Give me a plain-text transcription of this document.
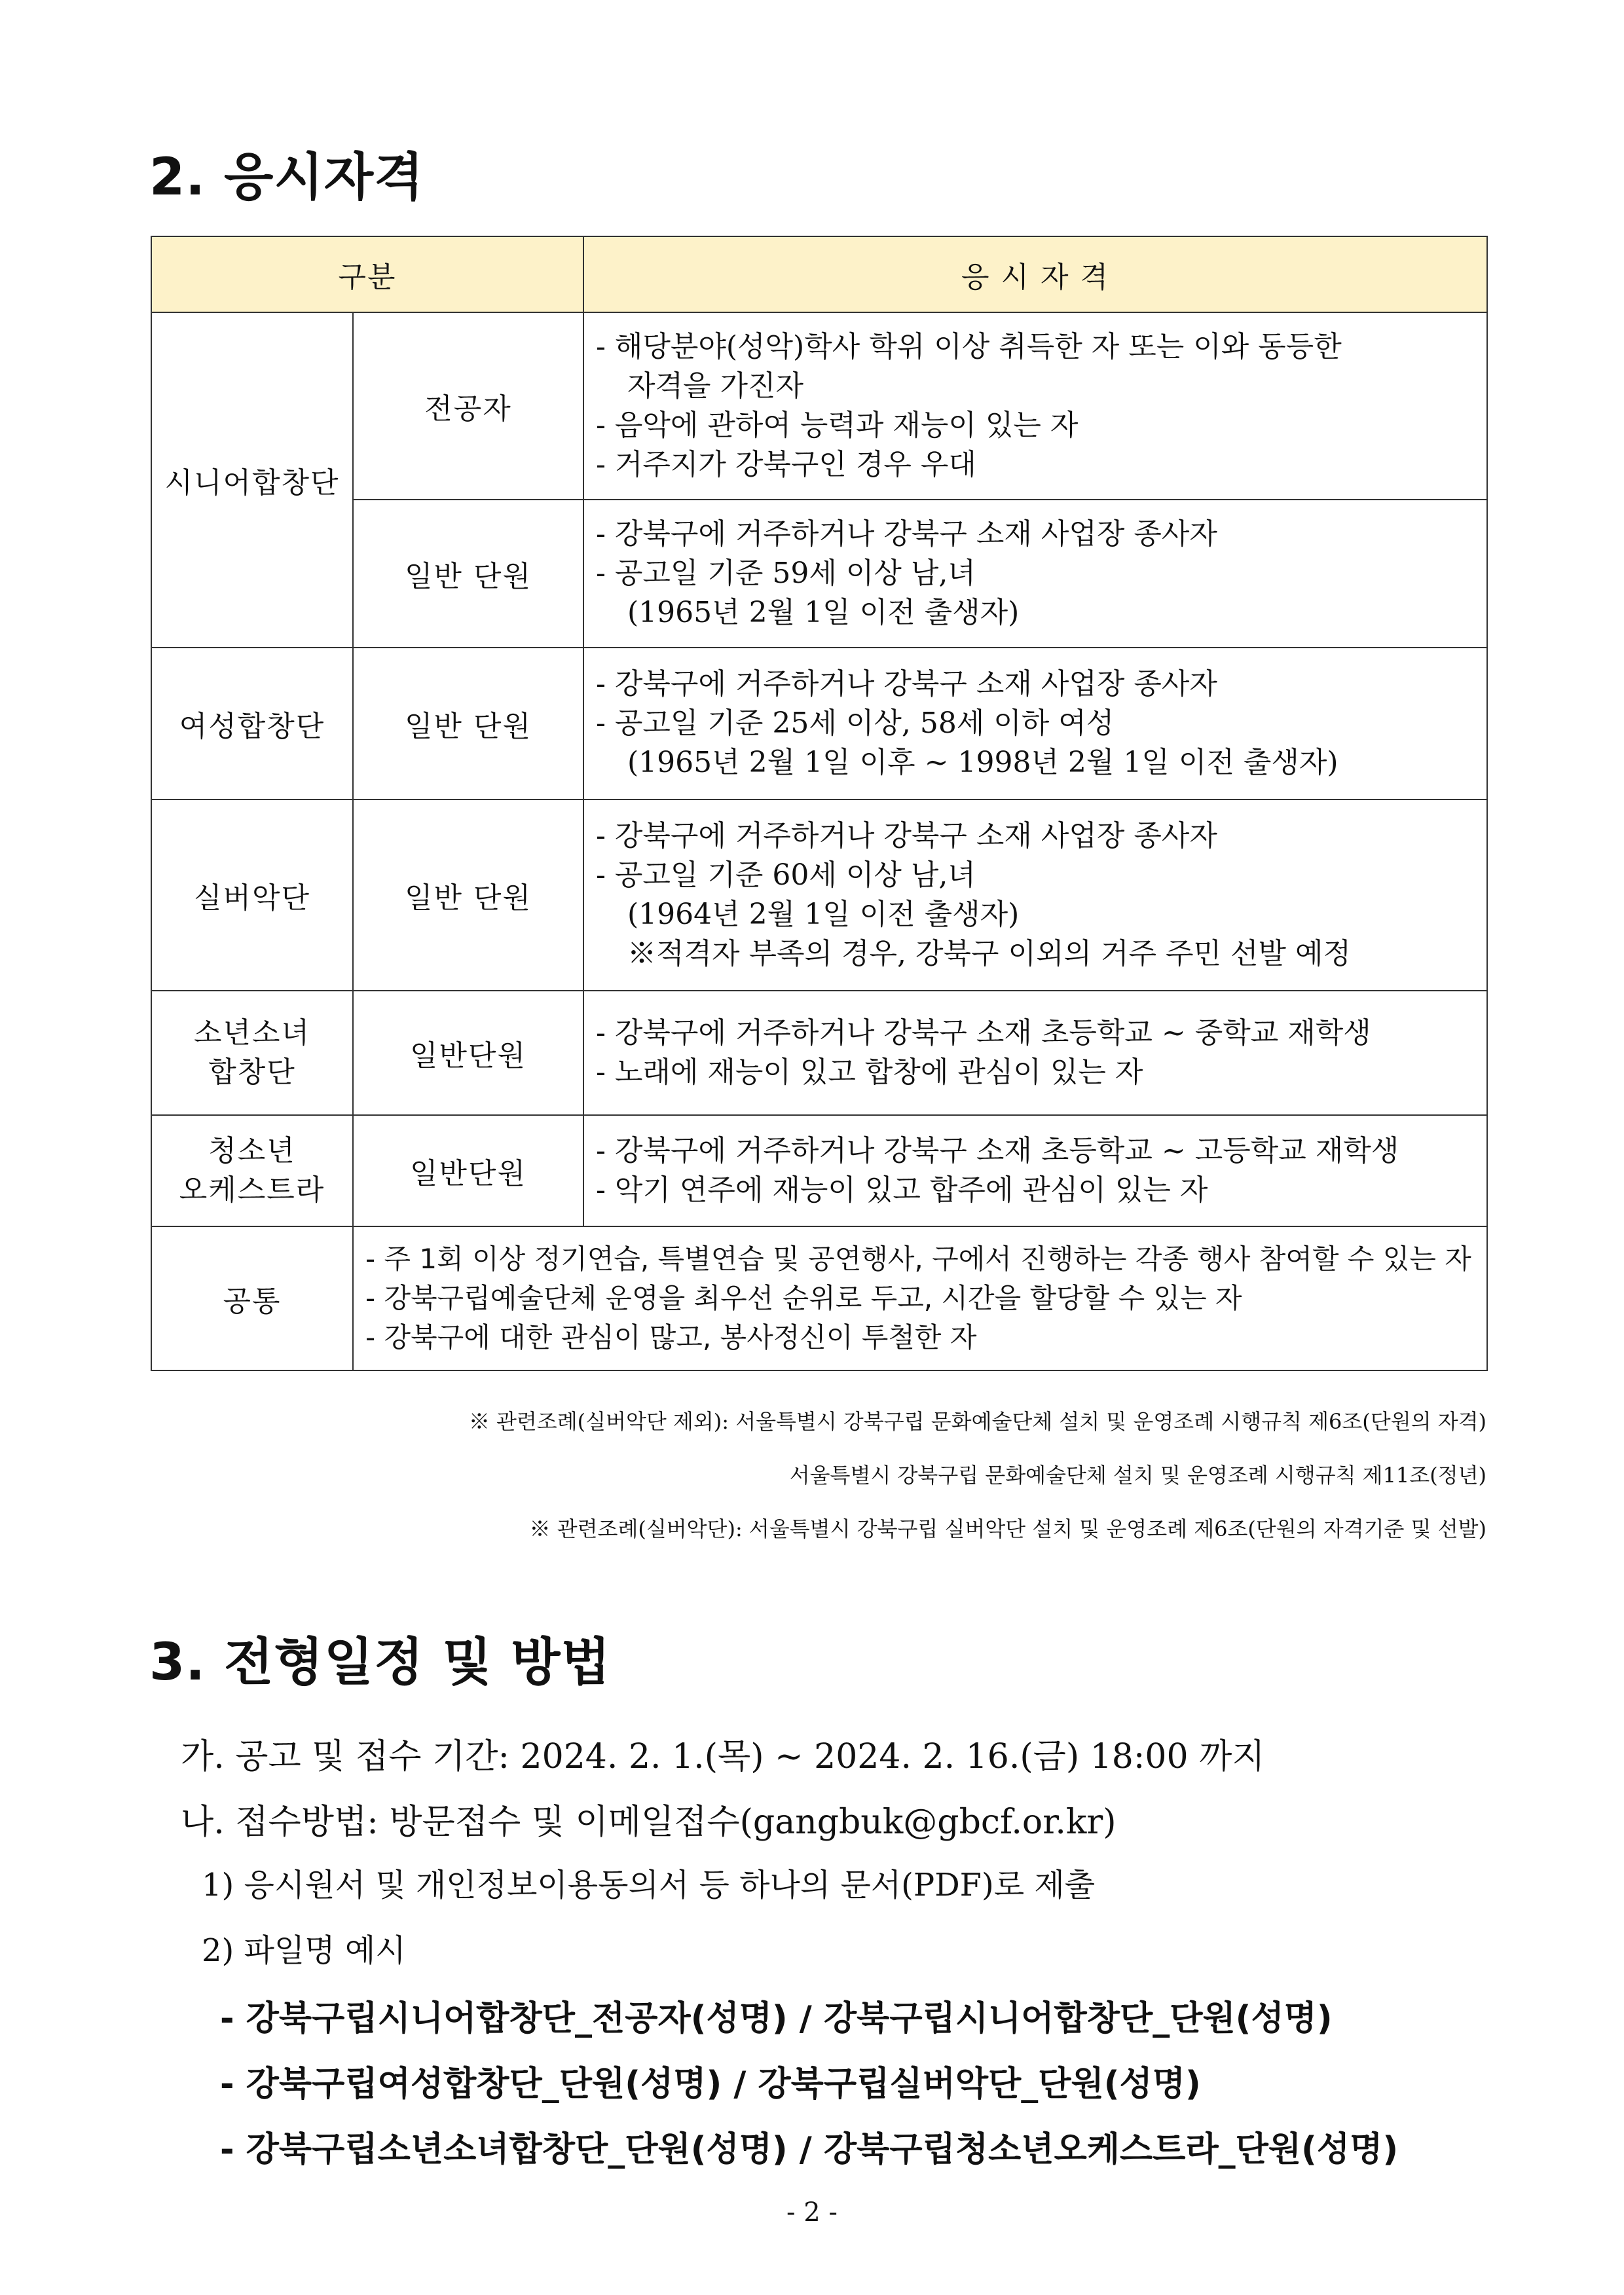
2. 응시자격
구분		응 시 자 격
시니어합창단	전공자	- 해당분야(성악)학사 학위 이상 취득한 자 또는 이와 동등한
자격을 가진자
- 음악에 관하여 능력과 재능이 있는 자
- 거주지가 강북구인 경우 우대

	일반 단원	- 강북구에 거주하거나 강북구 소재 사업장 종사자
- 공고일 기준 59세 이상 남,녀
(1965년 2월 1일 이전 출생자)

여성합창단	일반 단원	- 강북구에 거주하거나 강북구 소재 사업장 종사자
- 공고일 기준 25세 이상, 58세 이하 여성
(1965년 2월 1일 이후 ~ 1998년 2월 1일 이전 출생자)

실버악단	일반 단원	- 강북구에 거주하거나 강북구 소재 사업장 종사자
- 공고일 기준 60세 이상 남,녀
(1964년 2월 1일 이전 출생자)
※적격자 부족의 경우, 강북구 이외의 거주 주민 선발 예정

소년소녀
합창단	일반단원	- 강북구에 거주하거나 강북구 소재 초등학교 ~ 중학교 재학생
- 노래에 재능이 있고 합창에 관심이 있는 자

청소년
오케스트라	일반단원	- 강북구에 거주하거나 강북구 소재 초등학교 ~ 고등학교 재학생
- 악기 연주에 재능이 있고 합주에 관심이 있는 자

공통	- 주 1회 이상 정기연습, 특별연습 및 공연행사, 구에서 진행하는 각종 행사 참여할 수 있는 자
- 강북구립예술단체 운영을 최우선 순위로 두고, 시간을 할당할 수 있는 자
- 강북구에 대한 관심이 많고, 봉사정신이 투철한 자	
※ 관련조례(실버악단 제외): 서울특별시 강북구립 문화예술단체 설치 및 운영조례 시행규칙 제6조(단원의 자격)
서울특별시 강북구립 문화예술단체 설치 및 운영조례 시행규칙 제11조(정년)
※ 관련조례(실버악단): 서울특별시 강북구립 실버악단 설치 및 운영조례 제6조(단원의 자격기준 및 선발)
3. 전형일정 및 방법
가. 공고 및 접수 기간: 2024. 2. 1.(목) ~ 2024. 2. 16.(금) 18:00 까지
나. 접수방법: 방문접수 및 이메일접수(gangbuk@gbcf.or.kr)
1) 응시원서 및 개인정보이용동의서 등 하나의 문서(PDF)로 제출
2) 파일명 예시
- 강북구립시니어합창단_전공자(성명) / 강북구립시니어합창단_단원(성명)
- 강북구립여성합창단_단원(성명) / 강북구립실버악단_단원(성명)
- 강북구립소년소녀합창단_단원(성명) / 강북구립청소년오케스트라_단원(성명)
- 2 -
